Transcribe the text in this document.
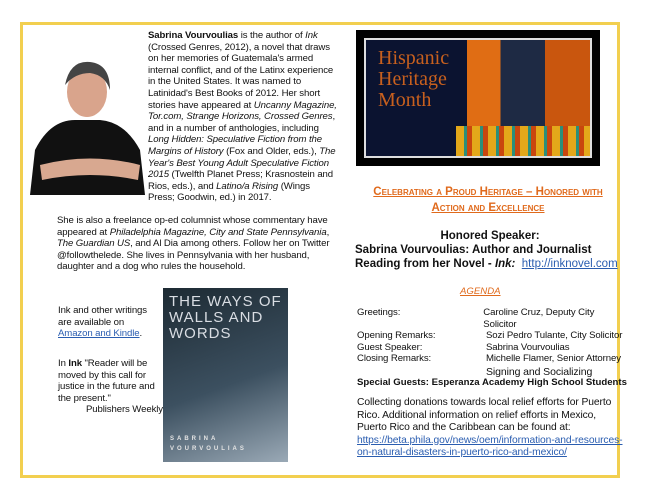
Sabrina Vourvoulias is the author of Ink (Crossed Genres, 2012), a novel that draws on her memories of Guatemala's armed internal conflict, and of the Latinx experience in the United States. It was named to Latinidad's Best Books of 2012. Her short stories have appeared at Uncanny Magazine, Tor.com, Strange Horizons, Crossed Genres, and in a number of anthologies, including Long Hidden: Speculative Fiction from the Margins of History (Fox and Older, eds.), The Year's Best Young Adult Speculative Fiction 2015 (Twelfth Planet Press; Krasnostein and Rios, eds.), and Latino/a Rising (Wings Press; Goodwin, ed.) in 2017.
She is also a freelance op-ed columnist whose commentary have appeared at Philadelphia Magazine, City and State Pennsylvania, The Guardian US, and Al Dia among others. Follow her on Twitter @followthelede. She lives in Pennsylvania with her husband, daughter and a dog who rules the household.
Ink and other writings are available on Amazon and Kindle.
In Ink "Reader will be moved by this call for justice in the future and the present."
Publishers Weekly
THE WAYS OF WALLS AND WORDS
SABRINA
VOURVOULIAS
Hispanic
Heritage
Month
Celebrating a Proud Heritage – Honored with
Action and Excellence
Honored Speaker:
Sabrina Vourvoulias: Author and Journalist
Reading from her Novel - Ink: http://inknovel.com
AGENDA
Greetings:	Caroline Cruz, Deputy City Solicitor
Opening Remarks:	Sozi Pedro Tulante, City Solicitor
Guest Speaker:	Sabrina Vourvoulias
Closing Remarks:	Michelle Flamer, Senior Attorney
Signing and Socializing
Special Guests: Esperanza Academy High School Students
Collecting donations towards local relief efforts for Puerto Rico. Additional information on relief efforts in Mexico, Puerto Rico and the Caribbean can be found at:
https://beta.phila.gov/news/oem/information-and-resources-on-natural-disasters-in-puerto-rico-and-mexico/
